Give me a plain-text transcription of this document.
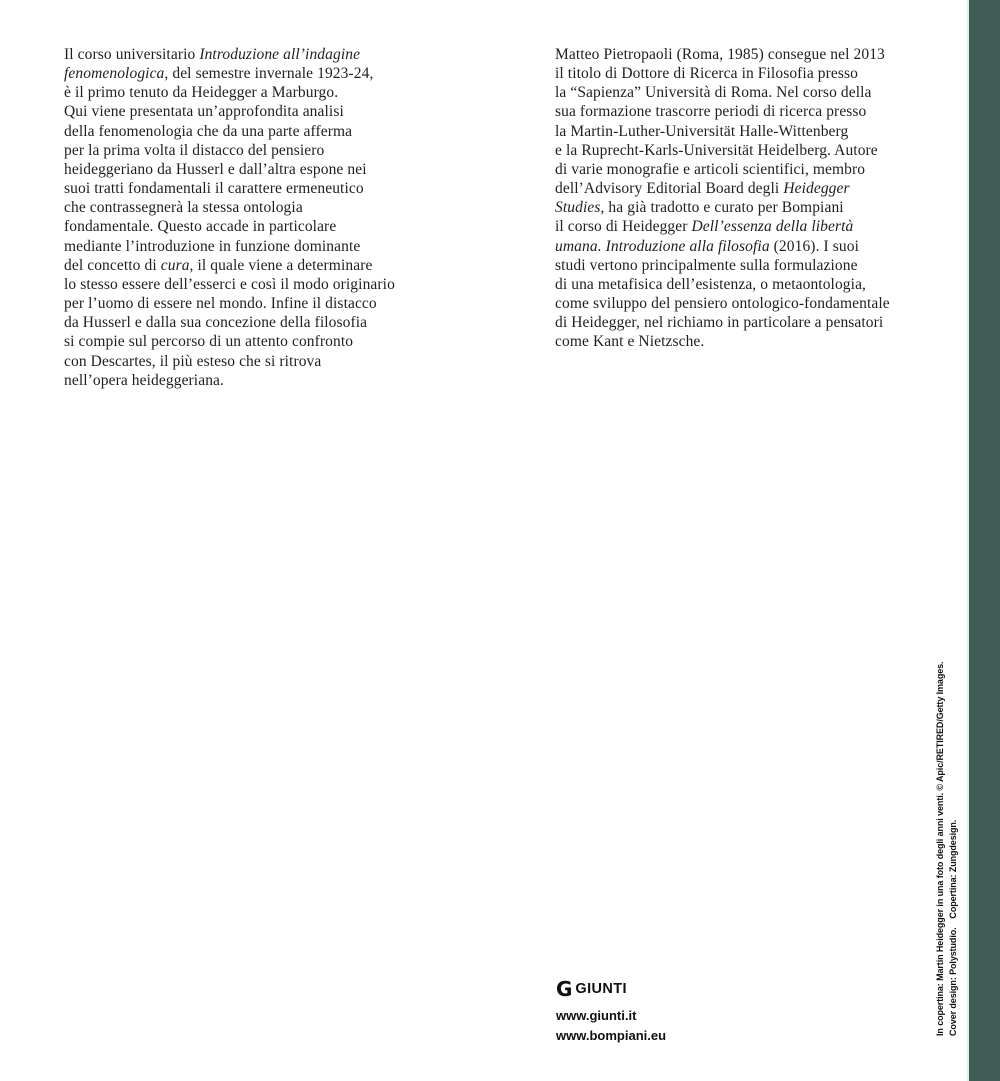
Il corso universitario Introduzione all’indagine
fenomenologica, del semestre invernale 1923-24,
è il primo tenuto da Heidegger a Marburgo.
Qui viene presentata un’approfondita analisi
della fenomenologia che da una parte afferma
per la prima volta il distacco del pensiero
heideggeriano da Husserl e dall’altra espone nei
suoi tratti fondamentali il carattere ermeneutico
che contrassegnerà la stessa ontologia
fondamentale. Questo accade in particolare
mediante l’introduzione in funzione dominante
del concetto di cura, il quale viene a determinare
lo stesso essere dell’esserci e così il modo originario
per l’uomo di essere nel mondo. Infine il distacco
da Husserl e dalla sua concezione della filosofia
si compie sul percorso di un attento confronto
con Descartes, il più esteso che si ritrova
nell’opera heideggeriana.
Matteo Pietropaoli (Roma, 1985) consegue nel 2013
il titolo di Dottore di Ricerca in Filosofia presso
la “Sapienza” Università di Roma. Nel corso della
sua formazione trascorre periodi di ricerca presso
la Martin-Luther-Universität Halle-Wittenberg
e la Ruprecht-Karls-Universität Heidelberg. Autore
di varie monografie e articoli scientifici, membro
dell’Advisory Editorial Board degli Heidegger
Studies, ha già tradotto e curato per Bompiani
il corso di Heidegger Dell’essenza della libertà
umana. Introduzione alla filosofia (2016). I suoi
studi vertono principalmente sulla formulazione
di una metafisica dell’esistenza, o metaontologia,
come sviluppo del pensiero ontologico-fondamentale
di Heidegger, nel richiamo in particolare a pensatori
come Kant e Nietzsche.
G GIUNTI
www.giunti.it
www.bompiani.eu	In copertina: Martin Heidegger in una foto degli anni venti. © Apic/RETIRED/Getty Images. Cover design: Polystudio. Copertina: Zungdesign.
